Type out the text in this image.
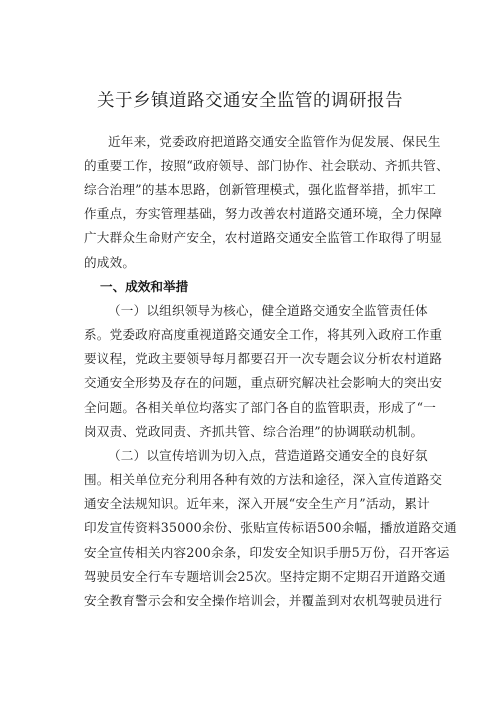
关于乡镇道路交通安全监管的调研报告
近年来，党委政府把道路交通安全监管作为促发展、保民生
的重要工作，按照“政府领导、部门协作、社会联动、齐抓共管、
综合治理”的基本思路，创新管理模式，强化监督举措，抓牢工
作重点，夯实管理基础，努力改善农村道路交通环境，全力保障
广大群众生命财产安全，农村道路交通安全监管工作取得了明显
的成效。
一、成效和举措
（一）以组织领导为核心，健全道路交通安全监管责任体
系。党委政府高度重视道路交通安全工作，将其列入政府工作重
要议程，党政主要领导每月都要召开一次专题会议分析农村道路
交通安全形势及存在的问题，重点研究解决社会影响大的突出安
全问题。各相关单位均落实了部门各自的监管职责，形成了“一
岗双责、党政同责、齐抓共管、综合治理”的协调联动机制。
（二）以宣传培训为切入点，营造道路交通安全的良好氛
围。相关单位充分利用各种有效的方法和途径，深入宣传道路交
通安全法规知识。近年来，深入开展“安全生产月”活动，累计
印发宣传资料35000余份、张贴宣传标语500余幅，播放道路交通
安全宣传相关内容200余条，印发安全知识手册5万份，召开客运
驾驶员安全行车专题培训会25次。坚持定期不定期召开道路交通
安全教育警示会和安全操作培训会，并覆盖到对农机驾驶员进行
